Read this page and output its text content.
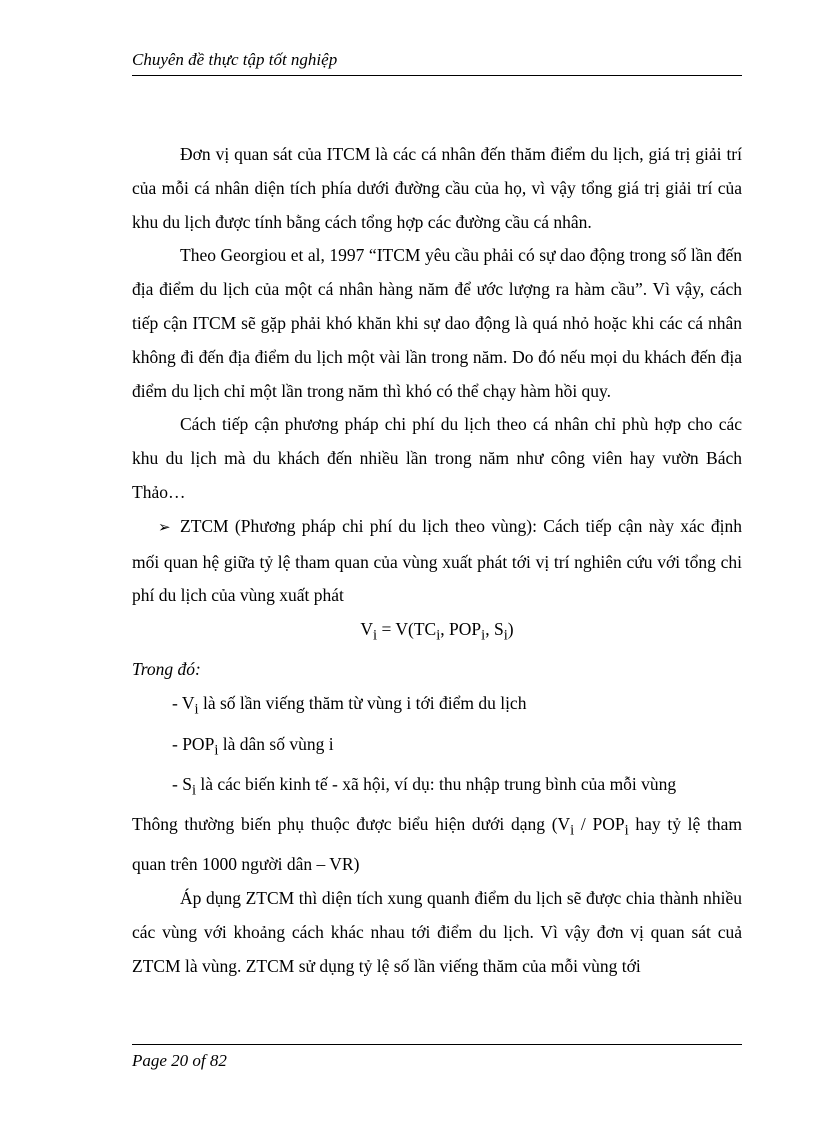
Chuyên đề thực tập tốt nghiệp

Đơn vị quan sát của ITCM là các cá nhân đến thăm điểm du lịch, giá trị giải trí của mỗi cá nhân diện tích phía dưới đường cầu của họ, vì vậy tổng giá trị giải trí của khu du lịch được tính bằng cách tổng hợp các đường cầu cá nhân.

Theo Georgiou et al, 1997 “ITCM yêu cầu phải có sự dao động trong số lần đến địa điểm du lịch của một cá nhân hàng năm để ước lượng ra hàm cầu”. Vì vậy, cách tiếp cận ITCM sẽ gặp phải khó khăn khi sự dao động là quá nhỏ hoặc khi các cá nhân không đi đến địa điểm du lịch một vài lần trong năm. Do đó nếu mọi du khách đến địa điểm du lịch chỉ một lần trong năm thì khó có thể chạy hàm hồi quy.

Cách tiếp cận phương pháp chi phí du lịch theo cá nhân chỉ phù hợp cho các khu du lịch mà du khách đến nhiều lần trong năm như công viên hay vườn Bách Thảo…

➢ ZTCM (Phương pháp chi phí du lịch theo vùng): Cách tiếp cận này xác định mối quan hệ giữa tỷ lệ tham quan của vùng xuất phát tới vị trí nghiên cứu với tổng chi phí du lịch của vùng xuất phát

$V_i = V(TC_i$, $POP_i$, $S_i$)

Trong đó:

- $V_i$ là số lần viếng thăm từ vùng i tới điểm du lịch

- $POP_i$ là dân số vùng i

- $S_i$ là các biến kinh tế - xã hội, ví dụ: thu nhập trung bình của mỗi vùng

Thông thường biến phụ thuộc được biểu hiện dưới dạng ($V_i / POP_i$ hay tỷ lệ tham quan trên 1000 người dân – VR)

Áp dụng ZTCM thì diện tích xung quanh điểm du lịch sẽ được chia thành nhiều các vùng với khoảng cách khác nhau tới điểm du lịch. Vì vậy đơn vị quan sát cuả ZTCM là vùng. ZTCM sử dụng tỷ lệ số lần viếng thăm của mỗi vùng tới

Page 20 of 82
